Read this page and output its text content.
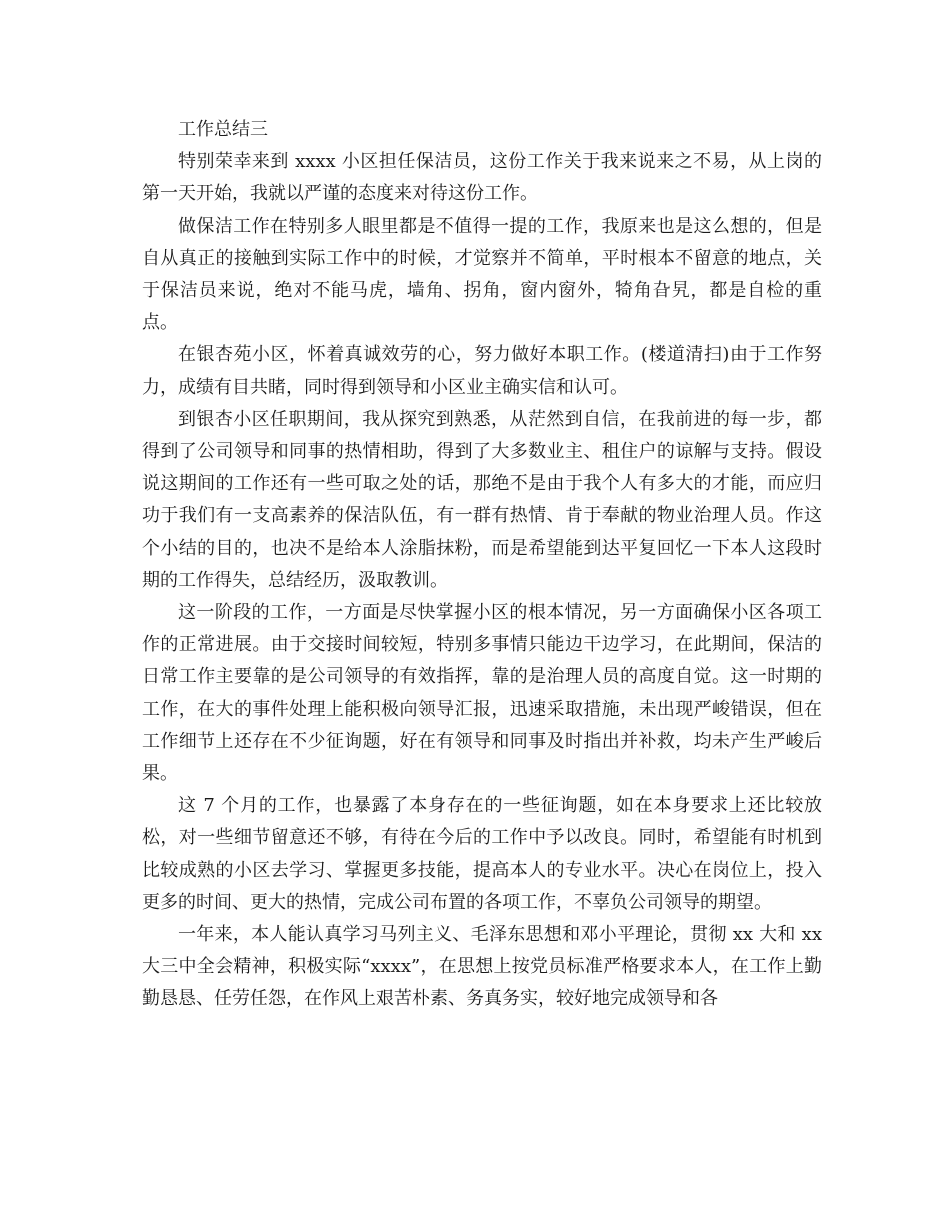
工作总结三

特别荣幸来到 xxxx 小区担任保洁员，这份工作关于我来说来之不易，从上岗的第一天开始，我就以严谨的态度来对待这份工作。

做保洁工作在特别多人眼里都是不值得一提的工作，我原来也是这么想的，但是自从真正的接触到实际工作中的时候，才觉察并不简单，平时根本不留意的地点，关于保洁员来说，绝对不能马虎，墙角、拐角，窗内窗外，犄角旮旯，都是自检的重点。

在银杏苑小区，怀着真诚效劳的心，努力做好本职工作。(楼道清扫)由于工作努力，成绩有目共睹，同时得到领导和小区业主确实信和认可。

到银杏小区任职期间，我从探究到熟悉，从茫然到自信，在我前进的每一步，都得到了公司领导和同事的热情相助，得到了大多数业主、租住户的谅解与支持。假设说这期间的工作还有一些可取之处的话，那绝不是由于我个人有多大的才能，而应归功于我们有一支高素养的保洁队伍，有一群有热情、肯于奉献的物业治理人员。作这个小结的目的，也决不是给本人涂脂抹粉，而是希望能到达平复回忆一下本人这段时期的工作得失，总结经历，汲取教训。

这一阶段的工作，一方面是尽快掌握小区的根本情况，另一方面确保小区各项工作的正常进展。由于交接时间较短，特别多事情只能边干边学习，在此期间，保洁的日常工作主要靠的是公司领导的有效指挥，靠的是治理人员的高度自觉。这一时期的工作，在大的事件处理上能积极向领导汇报，迅速采取措施，未出现严峻错误，但在工作细节上还存在不少征询题，好在有领导和同事及时指出并补救，均未产生严峻后果。

这 7 个月的工作，也暴露了本身存在的一些征询题，如在本身要求上还比较放松，对一些细节留意还不够，有待在今后的工作中予以改良。同时，希望能有时机到比较成熟的小区去学习、掌握更多技能，提高本人的专业水平。决心在岗位上，投入更多的时间、更大的热情，完成公司布置的各项工作，不辜负公司领导的期望。

一年来，本人能认真学习马列主义、毛泽东思想和邓小平理论，贯彻 xx 大和 xx 大三中全会精神，积极实际“xxxx”，在思想上按党员标准严格要求本人，在工作上勤勤恳恳、任劳任怨，在作风上艰苦朴素、务真务实，较好地完成领导和各
